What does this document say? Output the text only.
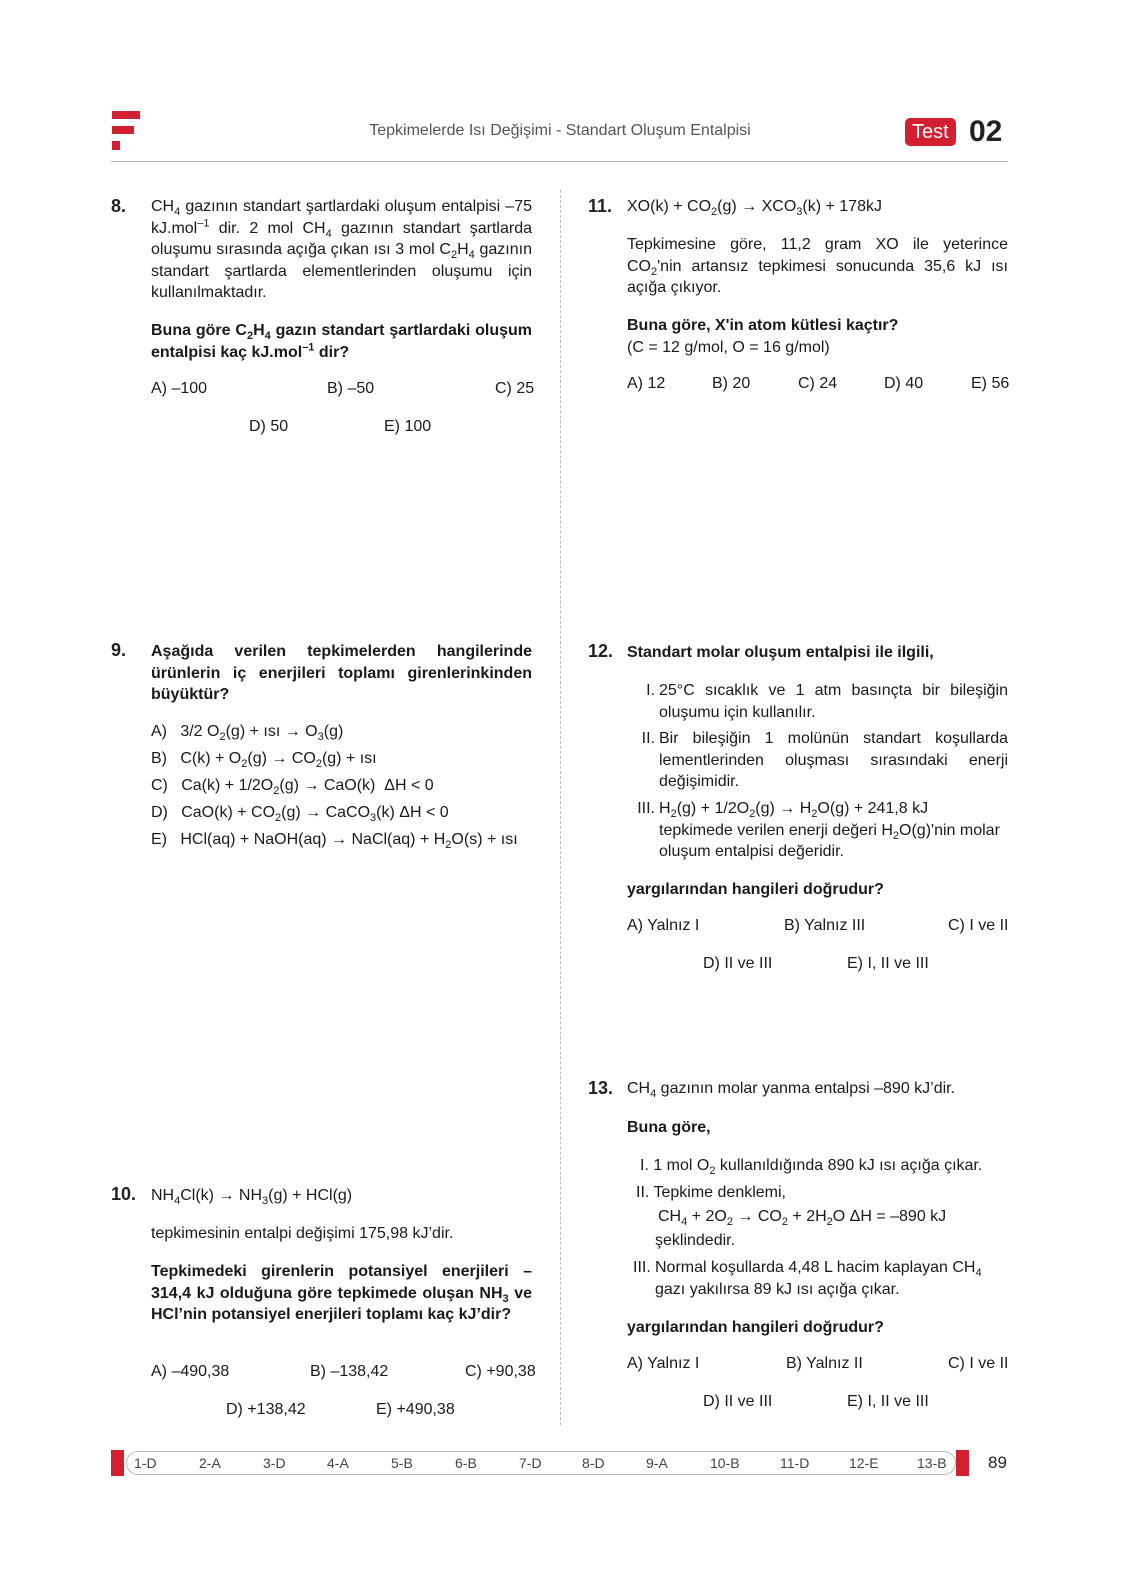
Tepkimelerde Isı Değişimi - Standart Oluşum Entalpisi	Test 02
8. $CH_4$ gazının standart şartlardaki oluşum entalpisi –75 kJ.mol$^{-1}$ dir. 2 mol $CH_4$ gazının standart şartlarda oluşumu sırasında açığa çıkan ısı 3 mol $C_2H_4$ gazının standart şartlarda elementlerinden oluşumu için kullanılmaktadır.
Buna göre $C_2H_4$ gazın standart şartlardaki oluşum entalpisi kaç kJ.mol$^{-1}$ dir?
A) –100	B) –50	C) 25
D) 50	E) 100
11. $XO(k) + CO_2(g) \to XCO_3(k) + 178kJ$
Tepkimesine göre, 11,2 gram XO ile yeterince $CO_2'nin$ artansız tepkimesi sonucunda 35,6 kJ ısı açığa çıkıyor.
Buna göre, X'in atom kütlesi kaçtır?
(C = 12 g/mol, O = 16 g/mol)
A) 12	B) 20	C) 24	D) 40	E) 56
9. Aşağıda verilen tepkimelerden hangilerinde ürünlerin iç enerjileri toplamı girenlerinkinden büyüktür?
A)   3/2 $O_2(g)$ + ısı → $O_3(g)$
B)   $C(k) + O_2(g) \to CO_2(g)$ + ısı
C)   $Ca(k) + 1/2O_2(g) \to CaO(k) \Delta H < 0$
D)   $CaO(k) + CO_2(g)$ → CaCO$_3$(k) ΔH < 0
E)   HCl(aq) + NaOH(aq) → NaCl(aq) + $H_2O(s)$ + ısı
12. Standart molar oluşum entalpisi ile ilgili,
I. 25°C sıcaklık ve 1 atm basınçta bir bileşiğin oluşumu için kullanılır.
II. Bir bileşiğin 1 molünün standart koşullarda lementlerinden oluşması sırasındaki enerji değişimidir.
III. $H_2(g) + 1/2O_2(g) \to H_2O(g) + 241,8$ kJ
tepkimede verilen enerji değeri $H_2O(g)'nin$ molar oluşum entalpisi değeridir.
yargılarından hangileri doğrudur?
A) Yalnız I	B) Yalnız III	C) I ve II
D) II ve III	E) I, II ve III
13. $CH_4$ gazının molar yanma entalpsi –890 kJ’dir.
Buna göre,
I. 1 mol $O_2$ kullanıldığında 890 kJ ısı açığa çıkar.
II. Tepkime denklemi,
$CH_4 + 2O_2 \to CO_2 + 2H_2O$ ΔH = –890 kJ
şeklindedir.
III. Normal koşullarda 4,48 L hacim kaplayan $CH_4$ gazı yakılırsa 89 kJ ısı açığa çıkar.
yargılarından hangileri doğrudur?
A) Yalnız I	B) Yalnız II	C) I ve II
D) II ve III	E) I, II ve III
10. $NH_4Cl(k) \to NH_3(g) + HCl(g)$
tepkimesinin entalpi değişimi 175,98 kJ’dir.
Tepkimedeki girenlerin potansiyel enerjileri –314,4 kJ olduğuna göre tepkimede oluşan $NH_3$ ve HCl’nin potansiyel enerjileri toplamı kaç kJ’dir?
A) –490,38	B) –138,42	C) +90,38
D) +138,42	E) +490,38
1-D	2-A	3-D	4-A	5-B	6-B	7-D	8-D	9-A	10-B	11-D	12-E	13-B 89
